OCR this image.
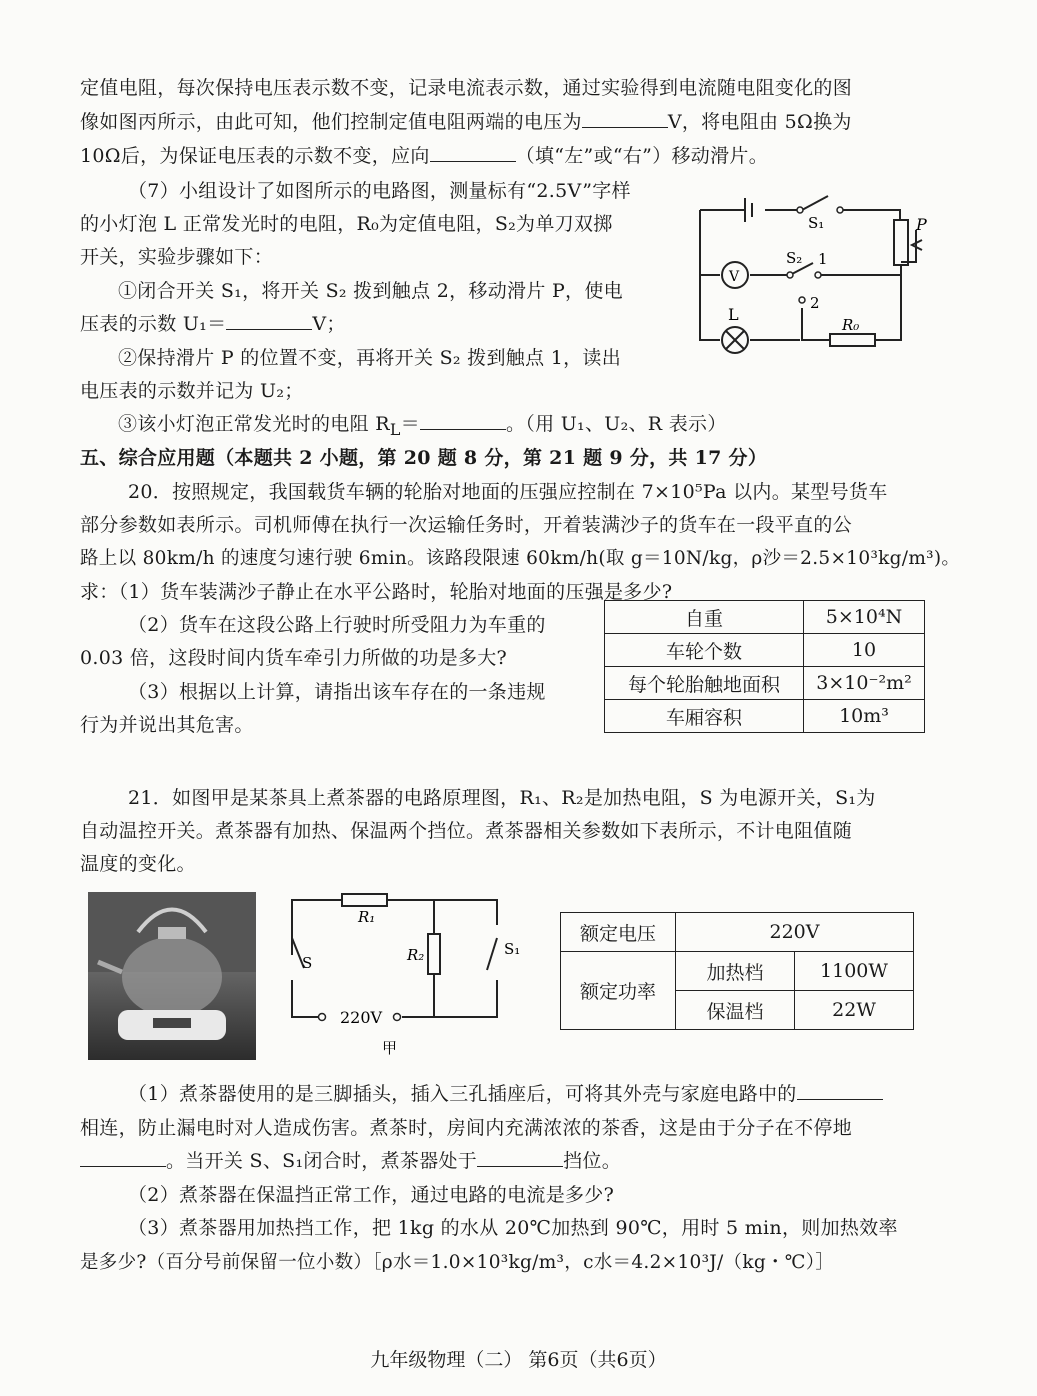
定值电阻，每次保持电压表示数不变，记录电流表示数，通过实验得到电流随电阻变化的图
像如图丙所示，由此可知，他们控制定值电阻两端的电压为	V，将电阻由 5Ω换为
10Ω后，为保证电压表的示数不变，应向	（填“左”或“右”）移动滑片。
（7）小组设计了如图所示的电路图，测量标有“2.5V”字样
的小灯泡 L 正常发光时的电阻，R₀为定值电阻，S₂为单刀双掷
开关，实验步骤如下：
①闭合开关 S₁，将开关 S₂ 拨到触点 2，移动滑片 P，使电
压表的示数 U₁＝	V；
②保持滑片 P 的位置不变，再将开关 S₂ 拨到触点 1，读出
电压表的示数并记为 U₂；
③该小灯泡正常发光时的电阻 $R_L=$	。（用 U₁、U₂、R 表示）
S₁	P
V
S₂ 1
2
L
R₀
五、综合应用题（本题共 2 小题，第 20 题 8 分，第 21 题 9 分，共 17 分）
20．按照规定，我国载货车辆的轮胎对地面的压强应控制在 7×10⁵Pa 以内。某型号货车
部分参数如表所示。司机师傅在执行一次运输任务时，开着装满沙子的货车在一段平直的公
路上以 80km/h 的速度匀速行驶 6min。该路段限速 60km/h(取 g＝10N/kg，ρ沙＝2.5×10³kg/m³)。
求：（1）货车装满沙子静止在水平公路时，轮胎对地面的压强是多少?
（2）货车在这段公路上行驶时所受阻力为车重的
0.03 倍，这段时间内货车牵引力所做的功是多大?
（3）根据以上计算，请指出该车存在的一条违规
行为并说出其危害。
自重	5×10⁴N
车轮个数	10
每个轮胎触地面积	3×10⁻²m²
车厢容积	10m³
21．如图甲是某茶具上煮茶器的电路原理图，R₁、R₂是加热电阻，S 为电源开关，S₁为
自动温控开关。煮茶器有加热、保温两个挡位。煮茶器相关参数如下表所示，不计电阻值随
温度的变化。
R₁
R₂
S
S₁
220V
甲
额定电压	220V	
额定功率	加热档	1100W
	保温档	22W
（1）煮茶器使用的是三脚插头，插入三孔插座后，可将其外壳与家庭电路中的
相连，防止漏电时对人造成伤害。煮茶时，房间内充满浓浓的茶香，这是由于分子在不停地
。当开关 S、S₁闭合时，煮茶器处于	挡位。
（2）煮茶器在保温挡正常工作，通过电路的电流是多少?
（3）煮茶器用加热挡工作，把 1kg 的水从 20℃加热到 90℃，用时 5 min，则加热效率
是多少?（百分号前保留一位小数）［ρ水＝1.0×10³kg/m³，c水＝4.2×10³J/（kg・℃）］
九年级物理（二） 第6页（共6页）
